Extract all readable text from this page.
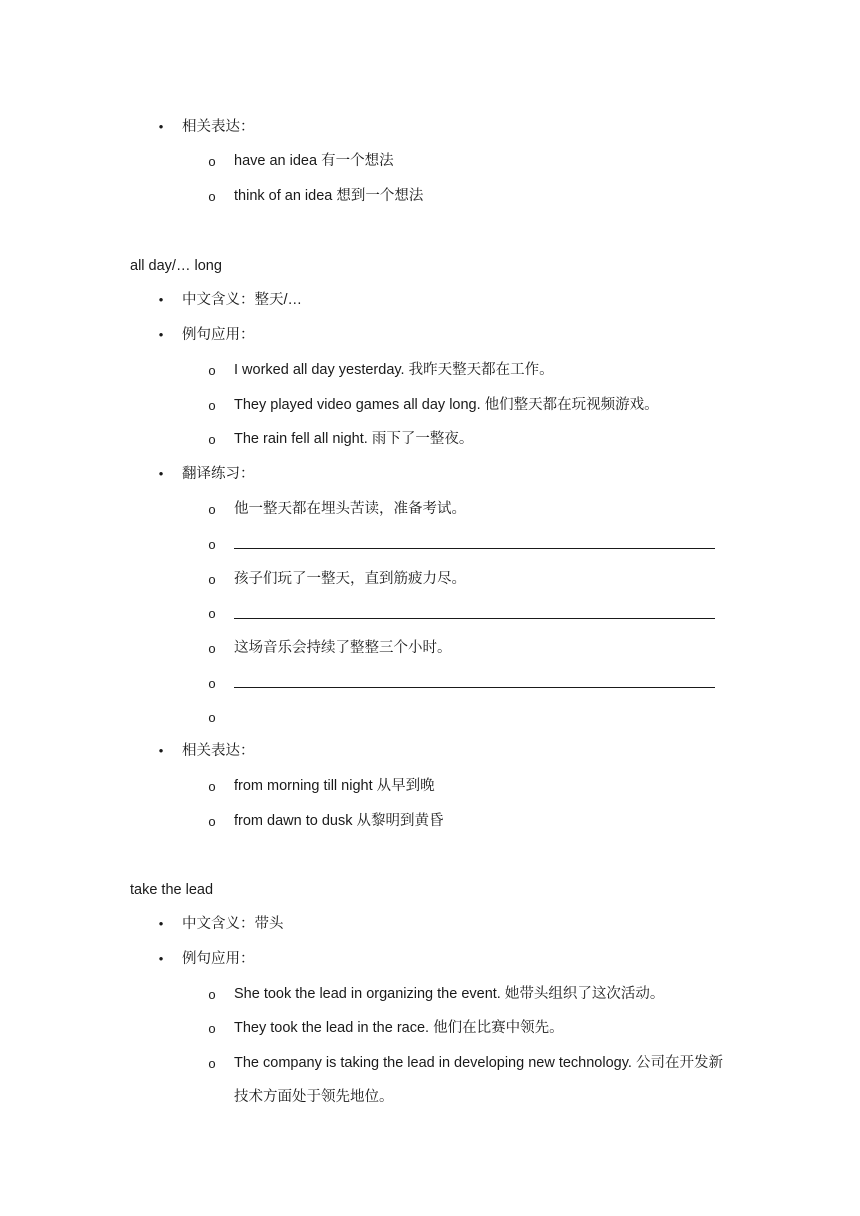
• 相关表达：
o have an idea 有一个想法
o think of an idea 想到一个想法
all day/… long
• 中文含义：整天/…
• 例句应用：
o I worked all day yesterday. 我昨天整天都在工作。
o They played video games all day long. 他们整天都在玩视频游戏。
o The rain fell all night. 雨下了一整夜。
• 翻译练习：
o 他一整天都在埋头苦读，准备考试。
o
o 孩子们玩了一整天，直到筋疲力尽。
o
o 这场音乐会持续了整整三个小时。
o
o
• 相关表达：
o from morning till night 从早到晚
o from dawn to dusk 从黎明到黄昏
take the lead
• 中文含义：带头
• 例句应用：
o She took the lead in organizing the event. 她带头组织了这次活动。
o They took the lead in the race. 他们在比赛中领先。
o The company is taking the lead in developing new technology. 公司在开发新技术方面处于领先地位。
